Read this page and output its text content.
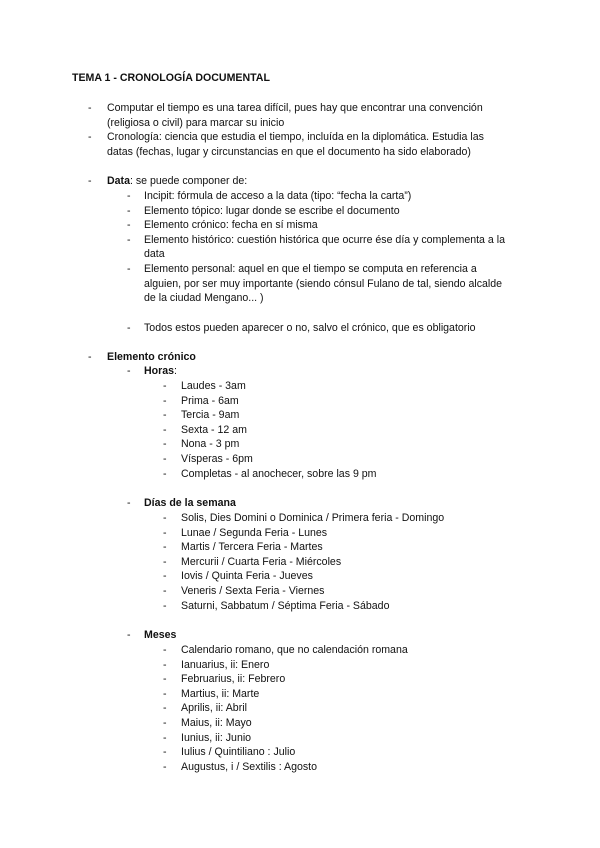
TEMA 1 - CRONOLOGÍA DOCUMENTAL
- Computar el tiempo es una tarea difícil, pues hay que encontrar una convención
(religiosa o civil) para marcar su inicio
- Cronología: ciencia que estudia el tiempo, incluída en la diplomática. Estudia las
datas (fechas, lugar y circunstancias en que el documento ha sido elaborado)
- Data: se puede componer de:
- Incipit: fórmula de acceso a la data (tipo: “fecha la carta”)
- Elemento tópico: lugar donde se escribe el documento
- Elemento crónico: fecha en sí misma
- Elemento histórico: cuestión histórica que ocurre ése día y complementa a la
data
- Elemento personal: aquel en que el tiempo se computa en referencia a
alguien, por ser muy importante (siendo cónsul Fulano de tal, siendo alcalde
de la ciudad Mengano... )
- Todos estos pueden aparecer o no, salvo el crónico, que es obligatorio
- Elemento crónico
- Horas:
- Laudes - 3am
- Prima - 6am
- Tercia - 9am
- Sexta - 12 am
- Nona - 3 pm
- Vísperas - 6pm
- Completas - al anochecer, sobre las 9 pm
- Días de la semana
- Solis, Dies Domini o Dominica / Primera feria - Domingo
- Lunae / Segunda Feria - Lunes
- Martis / Tercera Feria - Martes
- Mercurii / Cuarta Feria - Miércoles
- Iovis / Quinta Feria - Jueves
- Veneris / Sexta Feria - Viernes
- Saturni, Sabbatum / Séptima Feria - Sábado
- Meses
- Calendario romano, que no calendación romana
- Ianuarius, ii: Enero
- Februarius, ii: Febrero
- Martius, ii: Marte
- Aprilis, ii: Abril
- Maius, ii: Mayo
- Iunius, ii: Junio
- Iulius / Quintiliano : Julio
- Augustus, i / Sextilis : Agosto
